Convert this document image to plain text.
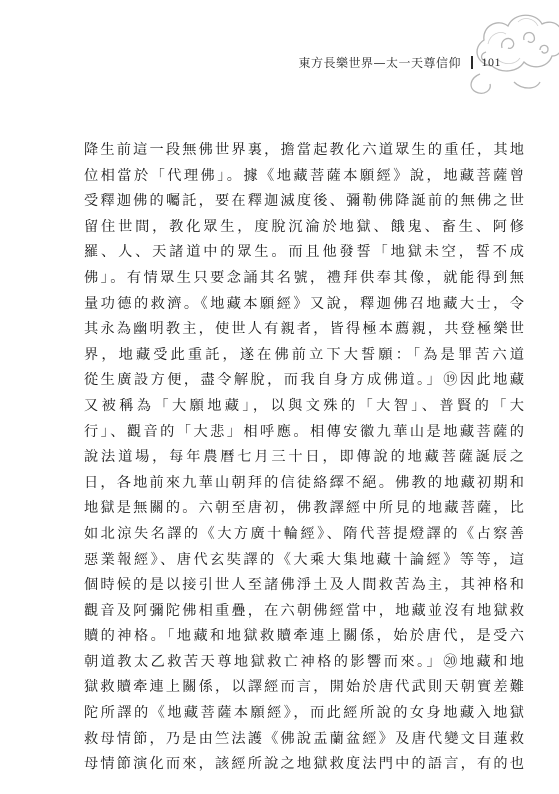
東方長樂世界—太一天尊信仰 101
降生前這一段無佛世界裏，擔當起教化六道眾生的重任，其地
位相當於「代理佛」。據《地藏菩薩本願經》說，地藏菩薩曾
受釋迦佛的囑託，要在釋迦滅度後、彌勒佛降誕前的無佛之世
留住世間，教化眾生，度脫沉淪於地獄、餓鬼、畜生、阿修
羅、人、天諸道中的眾生。而且他發誓「地獄未空，誓不成
佛」。有情眾生只要念誦其名號，禮拜供奉其像，就能得到無
量功德的救濟。《地藏本願經》又說，釋迦佛召地藏大士，令
其永為幽明教主，使世人有親者，皆得極本薦親，共登極樂世
界，地藏受此重託，遂在佛前立下大誓願：「為是罪苦六道
從生廣設方便，盡令解脫，而我自身方成佛道。」⑲因此地藏
又被稱為「大願地藏」，以與文殊的「大智」、普賢的「大
行」、觀音的「大悲」相呼應。相傳安徽九華山是地藏菩薩的
說法道場，每年農曆七月三十日，即傳說的地藏菩薩誕辰之
日，各地前來九華山朝拜的信徒絡繹不絕。佛教的地藏初期和
地獄是無關的。六朝至唐初，佛教譯經中所見的地藏菩薩，比
如北涼失名譯的《大方廣十輪經》、隋代菩提燈譯的《占察善
惡業報經》、唐代玄奘譯的《大乘大集地藏十論經》等等，這
個時候的是以接引世人至諸佛淨土及人間救苦為主，其神格和
觀音及阿彌陀佛相重疊，在六朝佛經當中，地藏並沒有地獄救
贖的神格。「地藏和地獄救贖牽連上關係，始於唐代，是受六
朝道教太乙救苦天尊地獄救亡神格的影響而來。」⑳地藏和地
獄救贖牽連上關係，以譯經而言，開始於唐代武則天朝實差難
陀所譯的《地藏菩薩本願經》，而此經所說的女身地藏入地獄
救母情節，乃是由竺法護《佛說盂蘭盆經》及唐代變文目蓮救
母情節演化而來，該經所說之地獄救度法門中的語言，有的也
